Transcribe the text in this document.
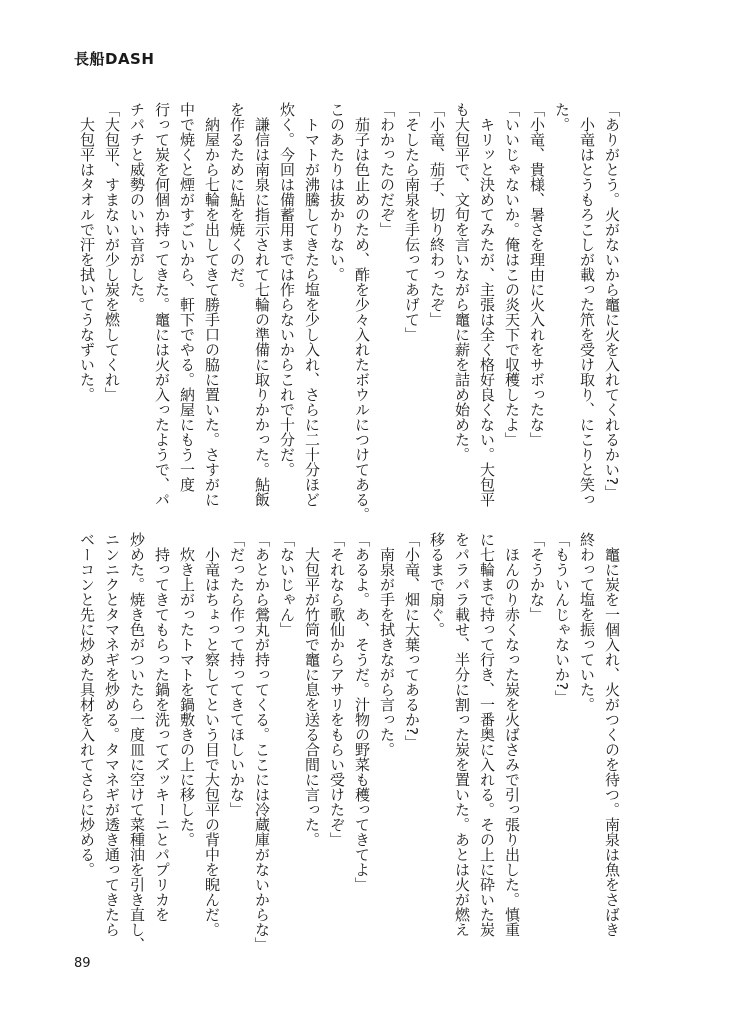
長船DASH
「ありがとう。火がないから竈に火を入れてくれるかい?」
　小竜はとうもろこしが載った笊を受け取り、にこりと笑っ
た。
「小竜、貴様、暑さを理由に火入れをサボったな」
「いいじゃないか。俺はこの炎天下で収穫したよ」
　キリッと決めてみたが、主張は全く格好良くない。大包平
も大包平で、文句を言いながら竈に薪を詰め始めた。
「小竜、茄子、切り終わったぞ」
「そしたら南泉を手伝ってあげて」
「わかったのだぞ」
　茄子は色止めのため、酢を少々入れたボウルにつけてある。
このあたりは抜かりない。
　トマトが沸騰してきたら塩を少し入れ、さらに二十分ほど
炊く。今回は備蓄用までは作らないからこれで十分だ。
　謙信は南泉に指示されて七輪の準備に取りかかった。鮎飯
を作るために鮎を焼くのだ。
　納屋から七輪を出してきて勝手口の脇に置いた。さすがに
中で焼くと煙がすごいから、軒下でやる。納屋にもう一度
行って炭を何個か持ってきた。竈には火が入ったようで、パ
チパチと威勢のいい音がした。
「大包平、すまないが少し炭を燃してくれ」
　大包平はタオルで汗を拭いてうなずいた。
　竈に炭を一個入れ、火がつくのを待つ。南泉は魚をさばき
終わって塩を振っていた。
「もういんじゃないか?」
「そうかな」
　ほんのり赤くなった炭を火ばさみで引っ張り出した。慎重
に七輪まで持って行き、一番奥に入れる。その上に砕いた炭
をパラパラ載せ、半分に割った炭を置いた。あとは火が燃え
移るまで扇ぐ。
「小竜、畑に大葉ってあるか?」
　南泉が手を拭きながら言った。
「あるよ。あ、そうだ。汁物の野菜も穫ってきてよ」
「それなら歌仙からアサリをもらい受けたぞ」
　大包平が竹筒で竈に息を送る合間に言った。
「ないじゃん」
「あとから鶯丸が持ってくる。ここには冷蔵庫がないからな」
「だったら作って持ってきてほしいかな」
　小竜はちょっと察してという目で大包平の背中を睨んだ。
　炊き上がったトマトを鍋敷きの上に移した。
　持ってきてもらった鍋を洗ってズッキーニとパプリカを
炒めた。焼き色がついたら一度皿に空けて菜種油を引き直し、
ニンニクとタマネギを炒める。タマネギが透き通ってきたら
ベーコンと先に炒めた具材を入れてさらに炒める。
89
